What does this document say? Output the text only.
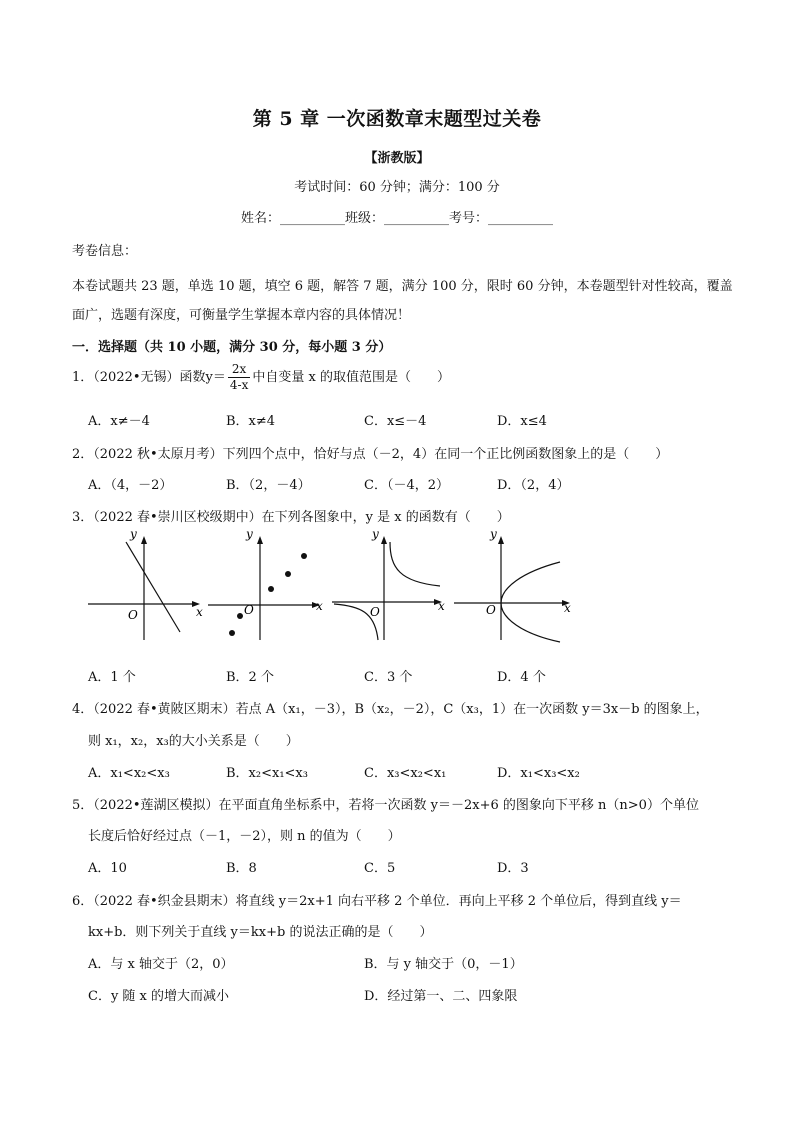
第 5 章 一次函数章末题型过关卷
【浙教版】
考试时间：60 分钟；满分：100 分
姓名：__________班级：__________考号：__________
考卷信息：
本卷试题共 23 题，单选 10 题，填空 6 题，解答 7 题，满分 100 分，限时 60 分钟，本卷题型针对性较高，覆盖
面广，选题有深度，可衡量学生掌握本章内容的具体情况！
一．选择题（共 10 小题，满分 30 分，每小题 3 分）
1．（2022•无锡）函数$y= \frac{2x}{4-x}$ 中自变量 x 的取值范围是（　　）
A．x≠－4	B．x≠4	C．x≤－4	D．x≤4
2．（2022 秋•太原月考）下列四个点中，恰好与点（－2，4）在同一个正比例函数图象上的是（　　）
A．（4，－2）	B．（2，－4）	C．（－4，2）	D．（2，4）
3．（2022 春•崇川区校级期中）在下列各图象中，y 是 x 的函数有（　　）
y
x
O
y
x
O
y
x
O
y
x
O
A．1 个	B．2 个	C．3 个	D．4 个
4．（2022 春•黄陂区期末）若点 A（x₁，－3），B（x₂，－2），C（x₃，1）在一次函数 y＝3x－b 的图象上，
则 x₁，x₂，x₃的大小关系是（　　）
A．x₁<x₂<x₃	B．x₂<x₁<x₃	C．x₃<x₂<x₁	D．x₁<x₃<x₂
5．（2022•莲湖区模拟）在平面直角坐标系中，若将一次函数 y＝－2x+6 的图象向下平移 n（n>0）个单位
长度后恰好经过点（－1，－2），则 n 的值为（　　）
A．10	B．8	C．5	D．3
6．（2022 春•织金县期末）将直线 y＝2x+1 向右平移 2 个单位．再向上平移 2 个单位后，得到直线 y＝
kx+b．则下列关于直线 y＝kx+b 的说法正确的是（　　）
A．与 x 轴交于（2，0）	B．与 y 轴交于（0，－1）
C．y 随 x 的增大而减小	D．经过第一、二、四象限
